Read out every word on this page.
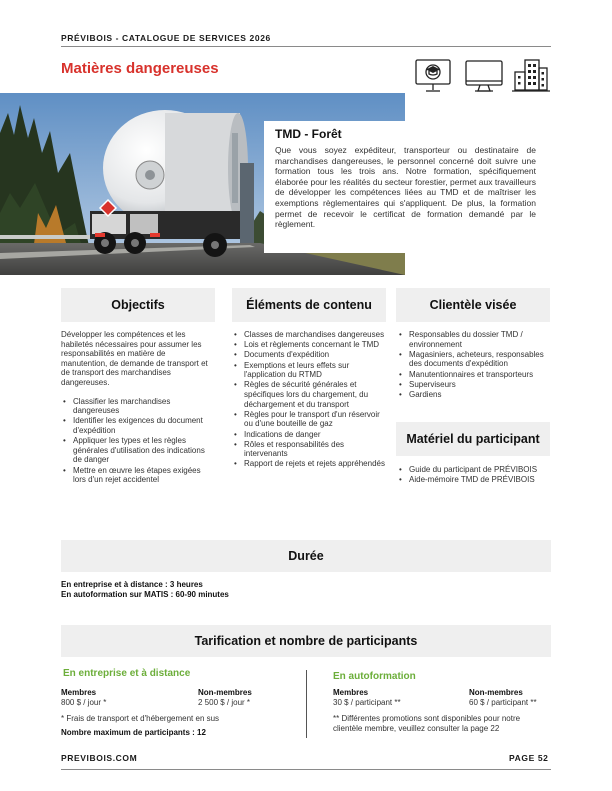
PRÉVIBOIS - CATALOGUE DE SERVICES 2026
Matières dangereuses
TMD - Forêt
Que vous soyez expéditeur, transporteur ou destinataire de marchandises dangereuses, le personnel concerné doit suivre une formation tous les trois ans. Notre formation, spécifiquement élaborée pour les réalités du secteur forestier, permet aux travailleurs de développer les compétences liées au TMD et de maîtriser les exemptions règlementaires qui s'appliquent. De plus, la formation permet de recevoir le certificat de formation demandé par le règlement.
Objectifs	Éléments de contenu	Clientèle visée
Développer les compétences et les habiletés nécessaires pour assumer les responsabilités en matière de manutention, de demande de transport et de transport des marchandises dangereuses.
• Classifier les marchandises dangereuses
• Identifier les exigences du document d'expédition
• Appliquer les types et les règles générales d'utilisation des indications de danger
• Mettre en œuvre les étapes exigées lors d'un rejet accidentel
• Classes de marchandises dangereuses
• Lois et règlements concernant le TMD
• Documents d'expédition
• Exemptions et leurs effets sur l'application du RTMD
• Règles de sécurité générales et spécifiques lors du chargement, du déchargement et du transport
• Règles pour le transport d'un réservoir ou d'une bouteille de gaz
• Indications de danger
• Rôles et responsabilités des intervenants
• Rapport de rejets et rejets appréhendés
• Responsables du dossier TMD / environnement
• Magasiniers, acheteurs, responsables des documents d'expédition
• Manutentionnaires et transporteurs
• Superviseurs
• Gardiens
Matériel du participant
• Guide du participant de PRÉVIBOIS
• Aide-mémoire TMD de PRÉVIBOIS
Durée
En entreprise et à distance : 3 heures
En autoformation sur MATIS : 60-90 minutes
Tarification et nombre de participants
En entreprise et à distance
Membres
800 $ / jour *
Non-membres
2 500 $ / jour *
* Frais de transport et d'hébergement en sus
Nombre maximum de participants : 12
En autoformation
Membres
30 $ / participant **
Non-membres
60 $ / participant **
** Différentes promotions sont disponibles pour notre clientèle membre, veuillez consulter la page 22
PREVIBOIS.COM	PAGE 52
